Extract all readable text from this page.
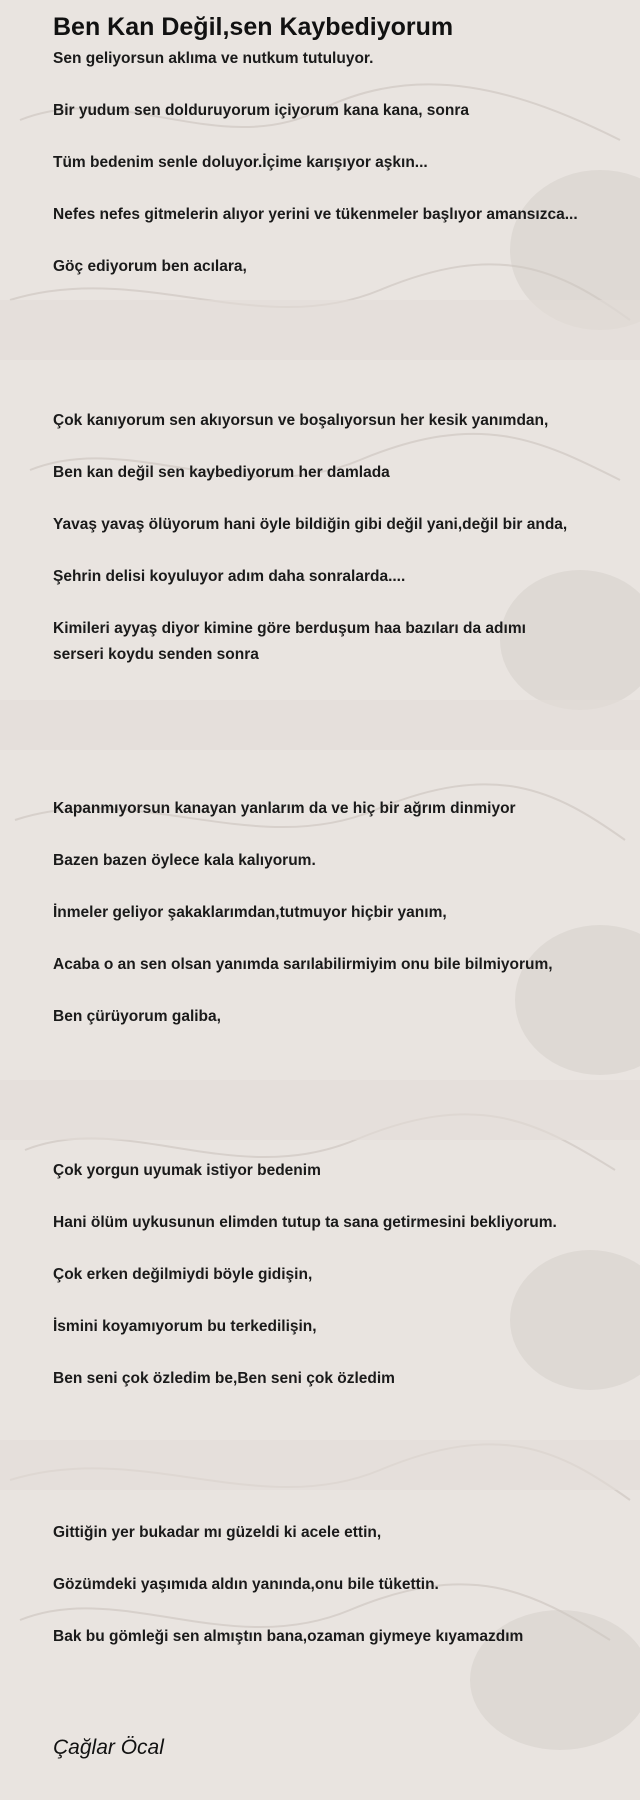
Ben Kan Değil,sen Kaybediyorum

Sen geliyorsun aklıma ve nutkum tutuluyor.

Bir yudum sen dolduruyorum içiyorum kana kana, sonra

Tüm bedenim senle doluyor.İçime karışıyor aşkın...

Nefes nefes gitmelerin alıyor yerini ve tükenmeler başlıyor amansızca...

Göç ediyorum ben acılara,

Çok kanıyorum sen akıyorsun ve boşalıyorsun her kesik yanımdan,

Ben kan değil sen kaybediyorum her damlada

Yavaş yavaş ölüyorum hani öyle bildiğin gibi değil yani,değil bir anda,

Şehrin delisi koyuluyor adım daha sonralarda....

Kimileri ayyaş diyor kimine göre berduşum haa bazıları da adımı serseri koydu senden sonra

Kapanmıyorsun kanayan yanlarım da ve hiç bir ağrım dinmiyor

Bazen bazen öylece kala kalıyorum.

İnmeler geliyor şakaklarımdan,tutmuyor hiçbir yanım,

Acaba o an sen olsan yanımda sarılabilirmiyim onu bile bilmiyorum,

Ben çürüyorum galiba,

Çok yorgun uyumak istiyor bedenim

Hani ölüm uykusunun elimden tutup ta sana getirmesini bekliyorum.

Çok erken değilmiydi böyle gidişin,

İsmini koyamıyorum bu terkedilişin,

Ben seni çok özledim be,Ben seni çok özledim

Gittiğin yer bukadar mı güzeldi ki acele ettin,

Gözümdeki yaşımıda aldın yanında,onu bile tükettin.

Bak bu gömleği sen almıştın bana,ozaman giymeye kıyamazdım

Çağlar Öcal
